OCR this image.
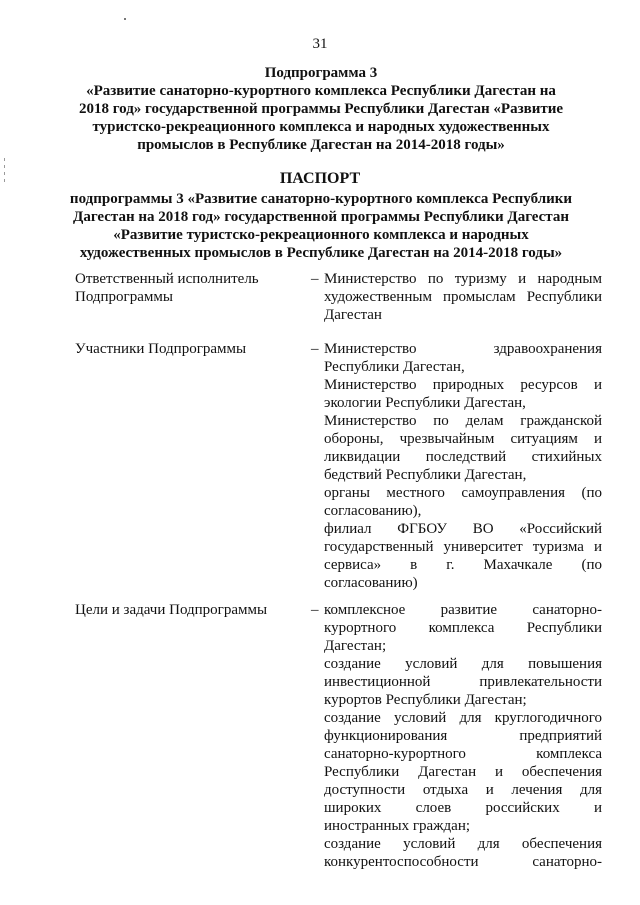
31

Подпрограмма 3

«Развитие санаторно-курортного комплекса Республики Дагестан на

2018 год» государственной программы Республики Дагестан «Развитие

туристско-рекреационного комплекса и народных художественных

промыслов в Республике Дагестан на 2014-2018 годы»

ПАСПОРТ

подпрограммы 3 «Развитие санаторно-курортного комплекса Республики

Дагестан на 2018 год» государственной программы Республики Дагестан

«Развитие туристско-рекреационного комплекса и народных

художественных промыслов в Республике Дагестан на 2014-2018 годы»

Ответственный исполнитель
Подпрограммы
– Министерство по туризму и народным
художественным промыслам Республики
Дагестан
Участники Подпрограммы	– Министерство здравоохранения
Республики Дагестан,
Министерство природных ресурсов и
экологии Республики Дагестан,
Министерство по делам гражданской
обороны, чрезвычайным ситуациям и
ликвидации последствий стихийных
бедствий Республики Дагестан,
органы местного самоуправления (по
согласованию),
филиал ФГБОУ ВО «Российский
государственный университет туризма и
сервиса» в г. Махачкале (по
согласованию)
Цели и задачи Подпрограммы	– комплексное развитие санаторно-
курортного комплекса Республики
Дагестан;
создание условий для повышения
инвестиционной привлекательности
курортов Республики Дагестан;
создание условий для круглогодичного
функционирования предприятий
санаторно-курортного комплекса
Республики Дагестан и обеспечения
доступности отдыха и лечения для
широких слоев российских и
иностранных граждан;
создание условий для обеспечения
конкурентоспособности санаторно-
